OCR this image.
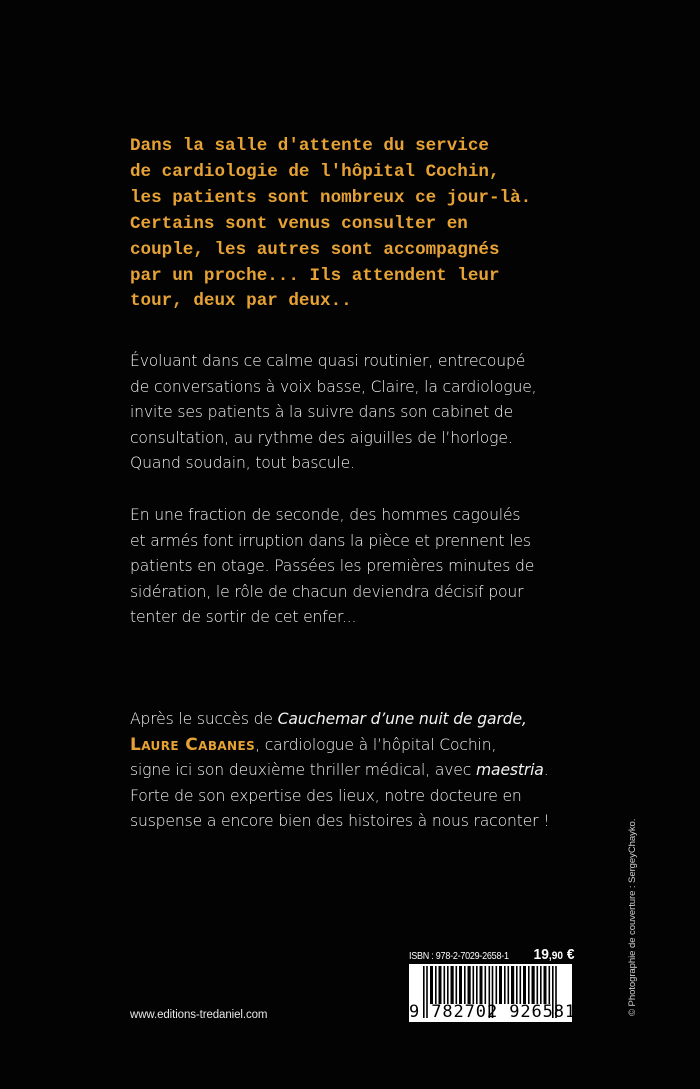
Dans la salle d'attente du service
de cardiologie de l'hôpital Cochin,
les patients sont nombreux ce jour-là.
Certains sont venus consulter en
couple, les autres sont accompagnés
par un proche... Ils attendent leur
tour, deux par deux..
Évoluant dans ce calme quasi routinier, entrecoupé
de conversations à voix basse, Claire, la cardiologue,
invite ses patients à la suivre dans son cabinet de
consultation, au rythme des aiguilles de l’horloge.
Quand soudain, tout bascule.
En une fraction de seconde, des hommes cagoulés
et armés font irruption dans la pièce et prennent les
patients en otage. Passées les premières minutes de
sidération, le rôle de chacun deviendra décisif pour
tenter de sortir de cet enfer...
Après le succès de Cauchemar d’une nuit de garde,
Laure Cabanes, cardiologue à l’hôpital Cochin,
signe ici son deuxième thriller médical, avec maestria.
Forte de son expertise des lieux, notre docteure en
suspense a encore bien des histoires à nous raconter !
ISBN : 978-2-7029-2658-1 19,90 €
9 782702 926581
www.editions-tredaniel.com	© Photographie de couverture : SergeyChayko.
